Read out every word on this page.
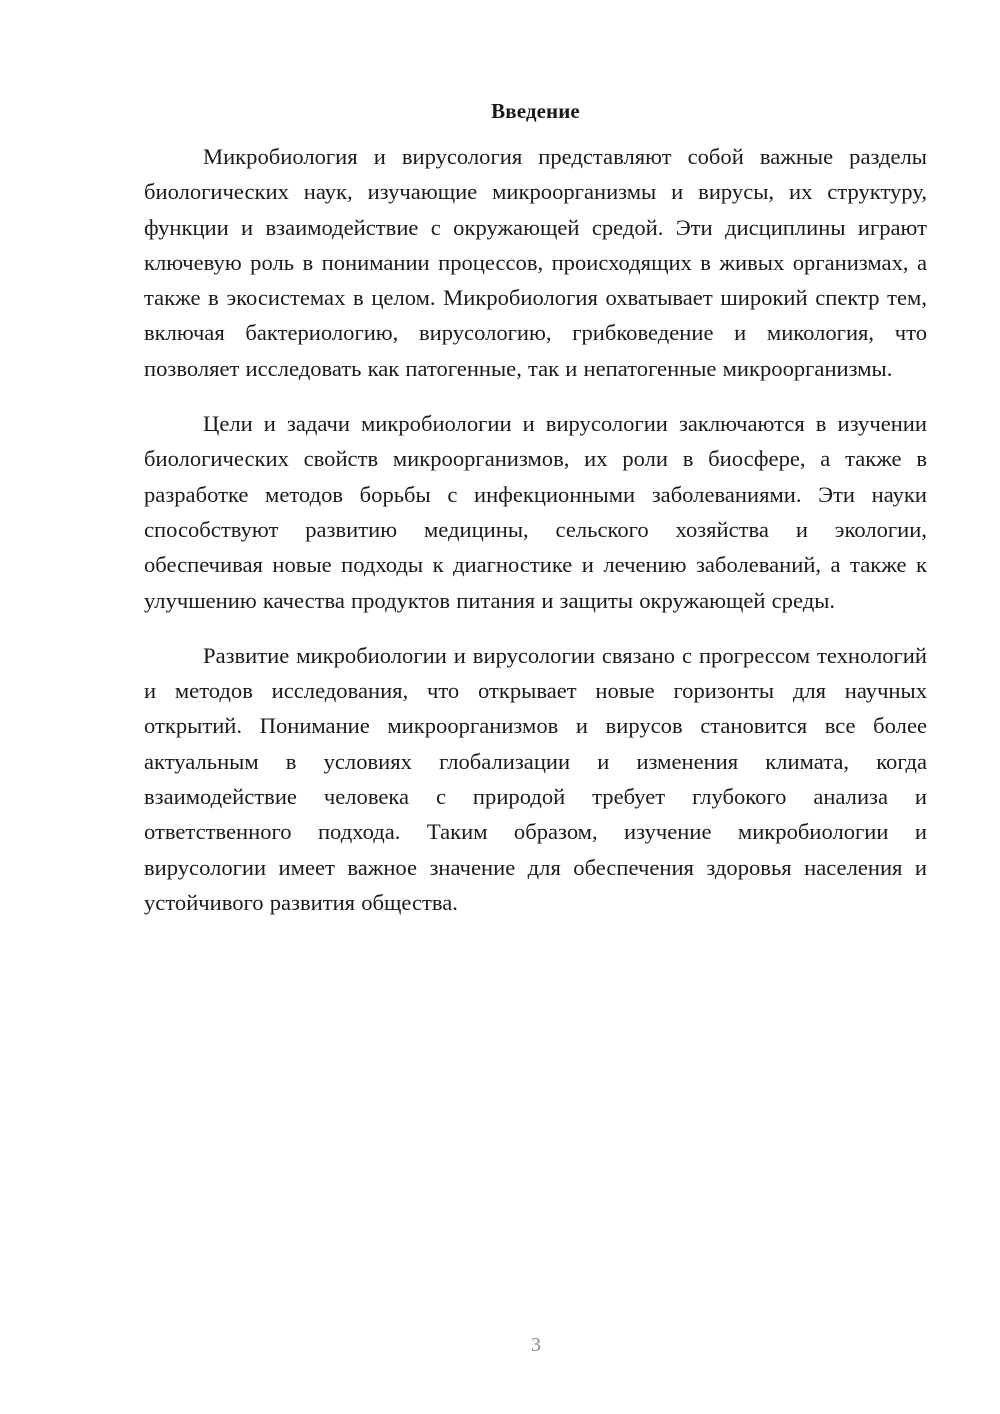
Введение

Микробиология и вирусология представляют собой важные разделы биологических наук, изучающие микроорганизмы и вирусы, их структуру, функции и взаимодействие с окружающей средой. Эти дисциплины играют ключевую роль в понимании процессов, происходящих в живых организмах, а также в экосистемах в целом. Микробиология охватывает широкий спектр тем, включая бактериологию, вирусологию, грибковедение и микология, что позволяет исследовать как патогенные, так и непатогенные микроорганизмы.

Цели и задачи микробиологии и вирусологии заключаются в изучении биологических свойств микроорганизмов, их роли в биосфере, а также в разработке методов борьбы с инфекционными заболеваниями. Эти науки способствуют развитию медицины, сельского хозяйства и экологии, обеспечивая новые подходы к диагностике и лечению заболеваний, а также к улучшению качества продуктов питания и защиты окружающей среды.

Развитие микробиологии и вирусологии связано с прогрессом технологий и методов исследования, что открывает новые горизонты для научных открытий. Понимание микроорганизмов и вирусов становится все более актуальным в условиях глобализации и изменения климата, когда взаимодействие человека с природой требует глубокого анализа и ответственного подхода. Таким образом, изучение микробиологии и вирусологии имеет важное значение для обеспечения здоровья населения и устойчивого развития общества.

3
